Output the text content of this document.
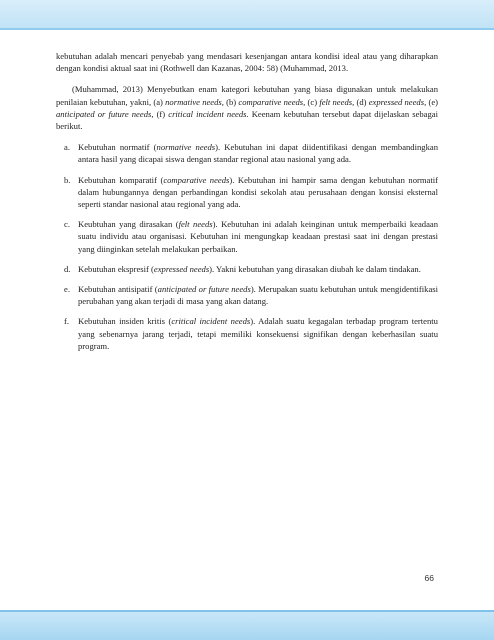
kebutuhan adalah mencari penyebab yang mendasari kesenjangan antara kondisi ideal atau yang diharapkan dengan kondisi aktual saat ini (Rothwell dan Kazanas, 2004: 58) (Muhammad, 2013.

(Muhammad, 2013) Menyebutkan enam kategori kebutuhan yang biasa digunakan untuk melakukan penilaian kebutuhan, yakni, (a) normative needs, (b) comparative needs, (c) felt needs, (d) expressed needs, (e) anticipated or future needs, (f) critical incident needs. Keenam kebutuhan tersebut dapat dijelaskan sebagai berikut.

a. Kebutuhan normatif (normative needs). Kebutuhan ini dapat diidentifikasi dengan membandingkan antara hasil yang dicapai siswa dengan standar regional atau nasional yang ada.
b. Kebutuhan komparatif (comparative needs). Kebutuhan ini hampir sama dengan kebutuhan normatif dalam hubungannya dengan perbandingan kondisi sekolah atau perusahaan dengan konsisi eksternal seperti standar nasional atau regional yang ada.
c. Keubtuhan yang dirasakan (felt needs). Kebutuhan ini adalah keinginan untuk memperbaiki keadaan suatu individu atau organisasi. Kebutuhan ini mengungkap keadaan prestasi saat ini dengan prestasi yang diinginkan setelah melakukan perbaikan.
d. Kebutuhan ekspresif (expressed needs). Yakni kebutuhan yang dirasakan diubah ke dalam tindakan.
e. Kebutuhan antisipatif (anticipated or future needs). Merupakan suatu kebutuhan untuk mengidentifikasi perubahan yang akan terjadi di masa yang akan datang.
f.	Kebutuhan insiden kritis (critical incident needs). Adalah suatu kegagalan terbadap program tertentu yang sebenarnya jarang terjadi, tetapi memiliki konsekuensi signifikan dengan keberhasilan suatu program.
66
